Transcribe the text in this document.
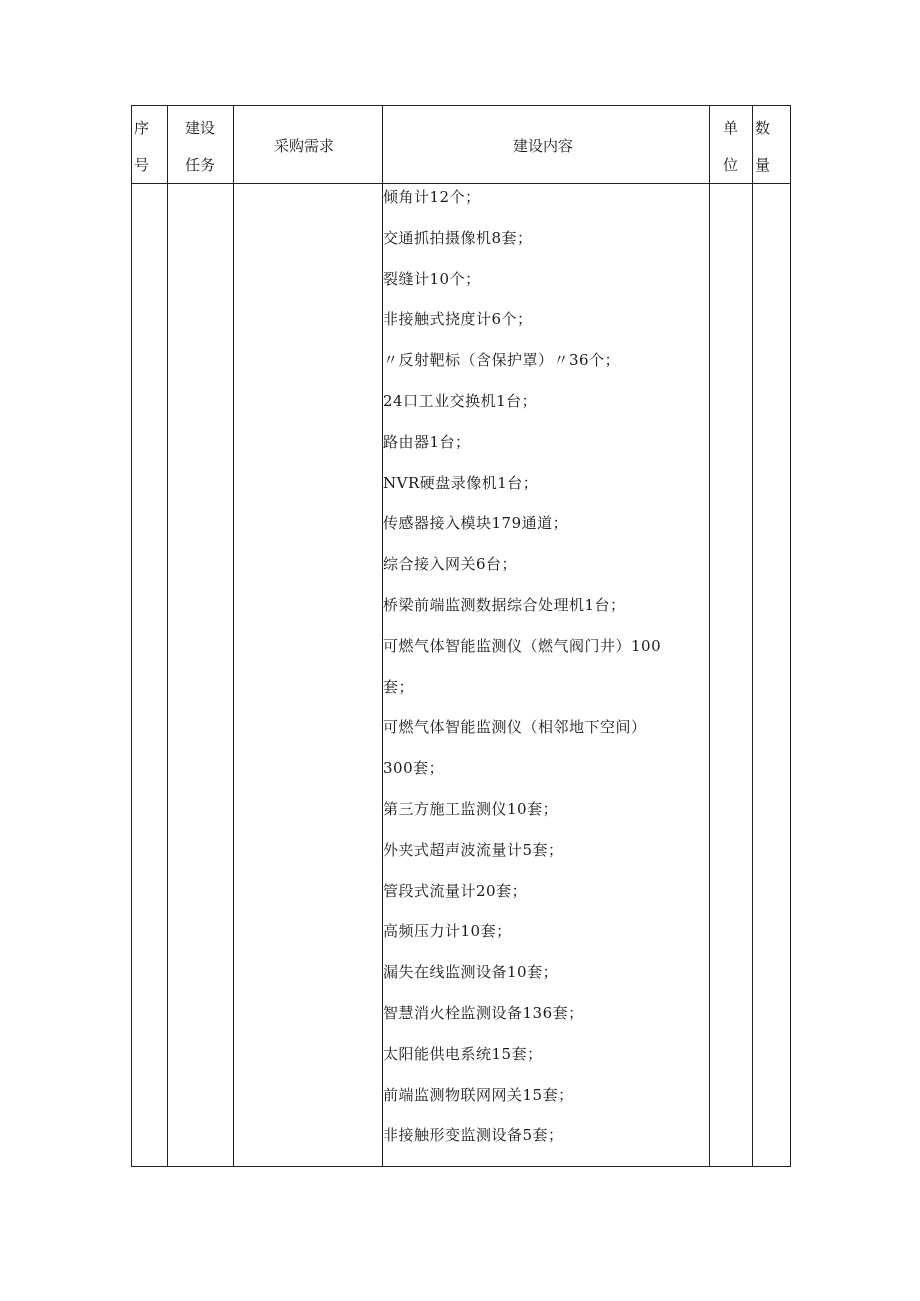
序
号
建设
任务
采购需求	建设内容
单
位
数
量
倾角计12个；
交通抓拍摄像机8套；
裂缝计10个；
非接触式挠度计6个；
〃反射靶标（含保护罩）〃36个；
24口工业交换机1台；
路由器1台；
NVR硬盘录像机1台；
传感器接入模块179通道；
综合接入网关6台；
桥梁前端监测数据综合处理机1台；
可燃气体智能监测仪（燃气阀门井）100
套；
可燃气体智能监测仪（相邻地下空间）
300套；
第三方施工监测仪10套；
外夹式超声波流量计5套；
管段式流量计20套；
高频压力计10套；
漏失在线监测设备10套；
智慧消火栓监测设备136套；
太阳能供电系统15套；
前端监测物联网网关15套；
非接触形变监测设备5套；
